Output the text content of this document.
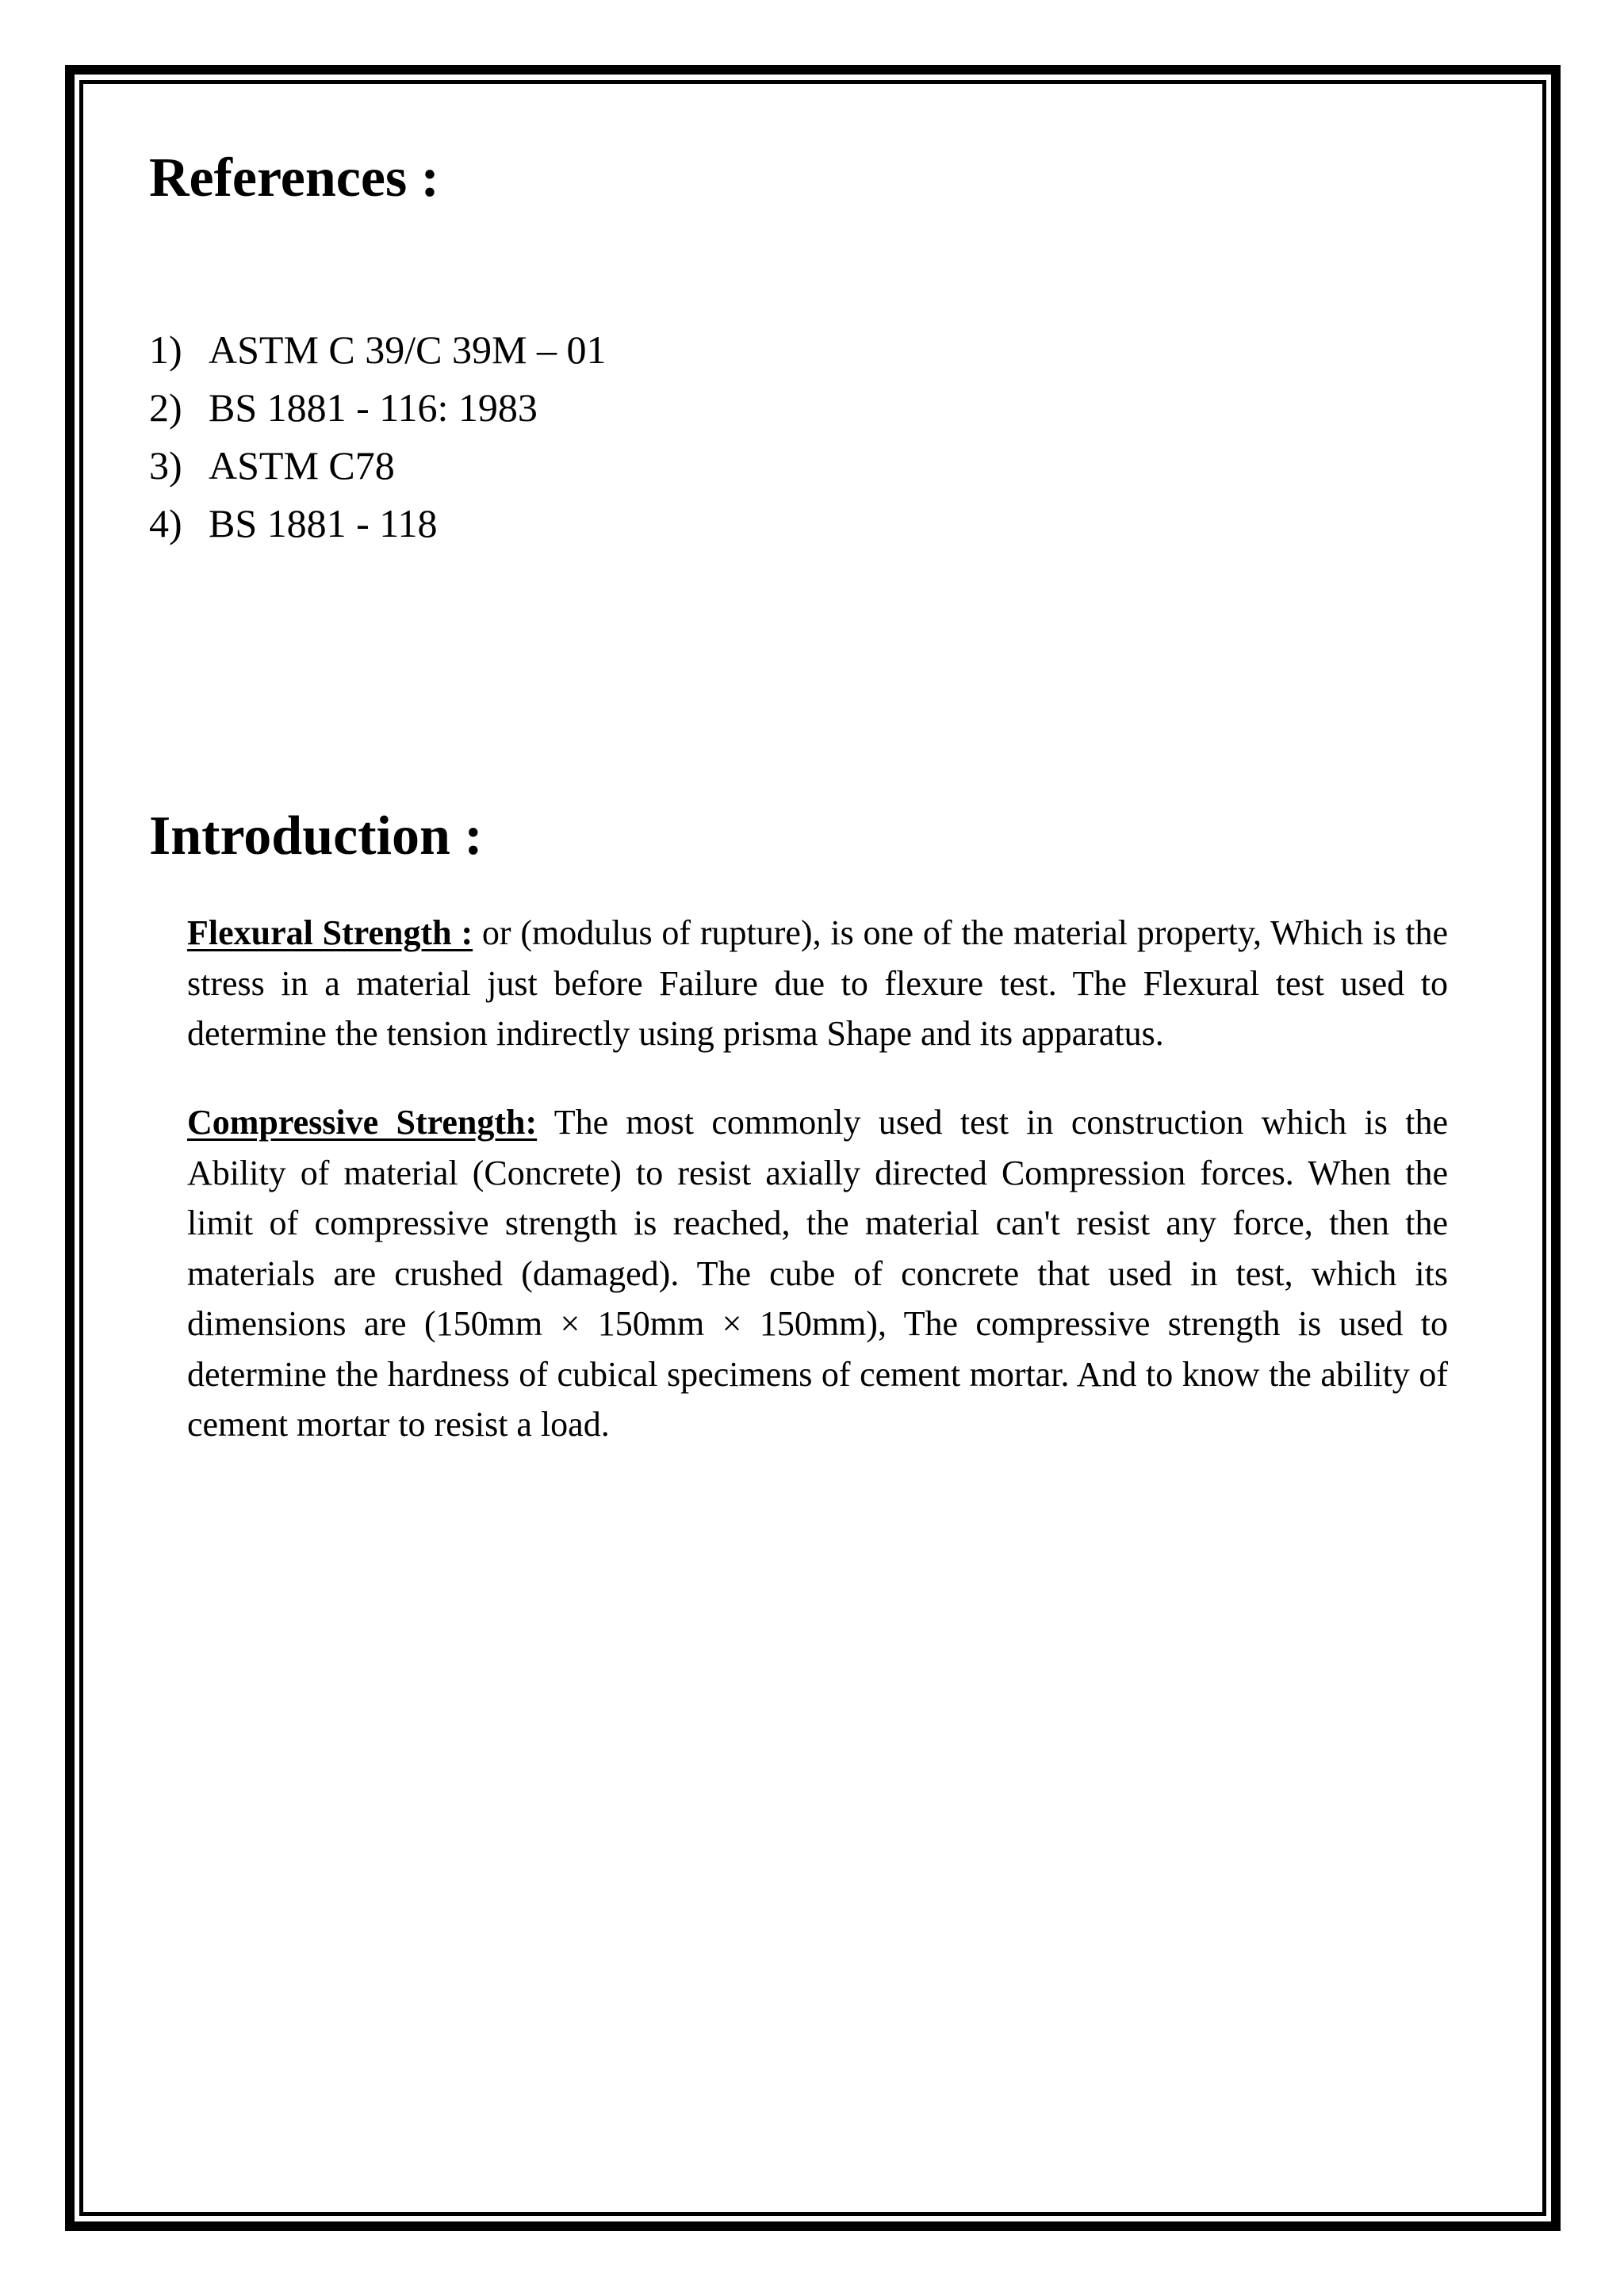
References :
1) ASTM C 39/C 39M – 01
2) BS 1881 - 116: 1983
3) ASTM C78
4) BS 1881 - 118
Introduction :

Flexural Strength : or (modulus of rupture), is one of the material property, Which is the stress in a material just before Failure due to flexure test. The Flexural test used to determine the tension indirectly using prisma Shape and its apparatus.

Compressive Strength: The most commonly used test in construction which is the Ability of material (Concrete) to resist axially directed Compression forces. When the limit of compressive strength is reached, the material can't resist any force, then the materials are crushed (damaged). The cube of concrete that used in test, which its dimensions are (150mm × 150mm × 150mm), The compressive strength is used to determine the hardness of cubical specimens of cement mortar. And to know the ability of cement mortar to resist a load.
